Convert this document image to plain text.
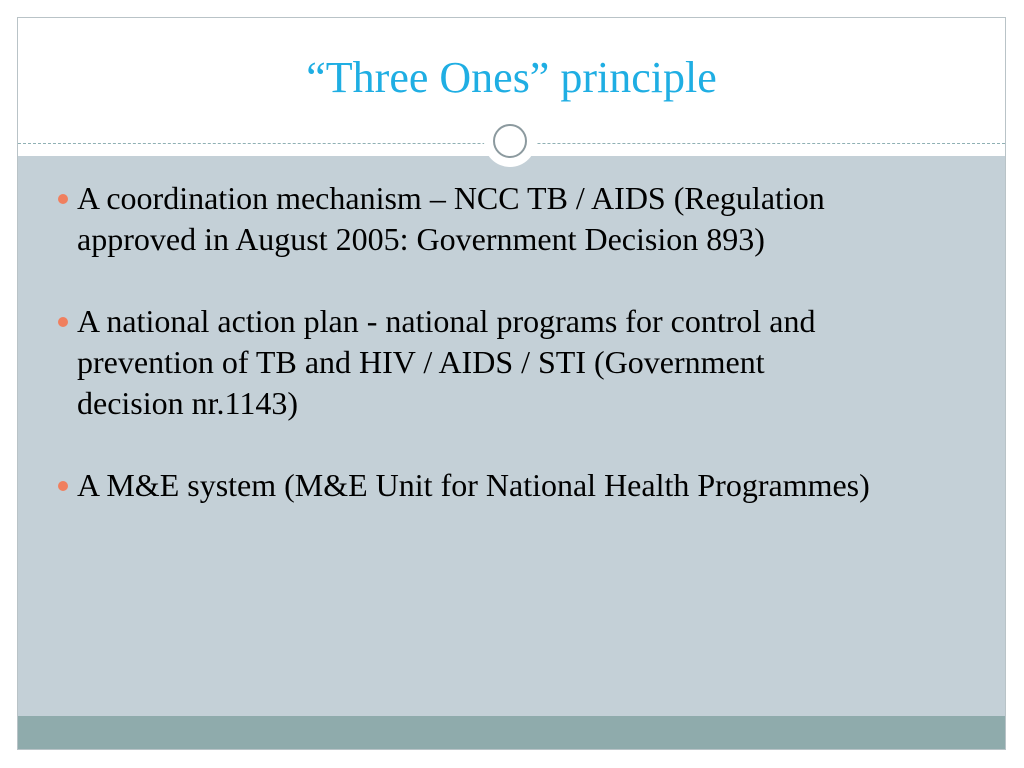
“Three Ones” principle
A coordination mechanism – NCC TB / AIDS (Regulation approved in August 2005: Government Decision 893)
A national action plan - national programs for control and prevention of TB and HIV / AIDS / STI (Government decision nr.1143)
A M&E system (M&E Unit for National Health Programmes)
